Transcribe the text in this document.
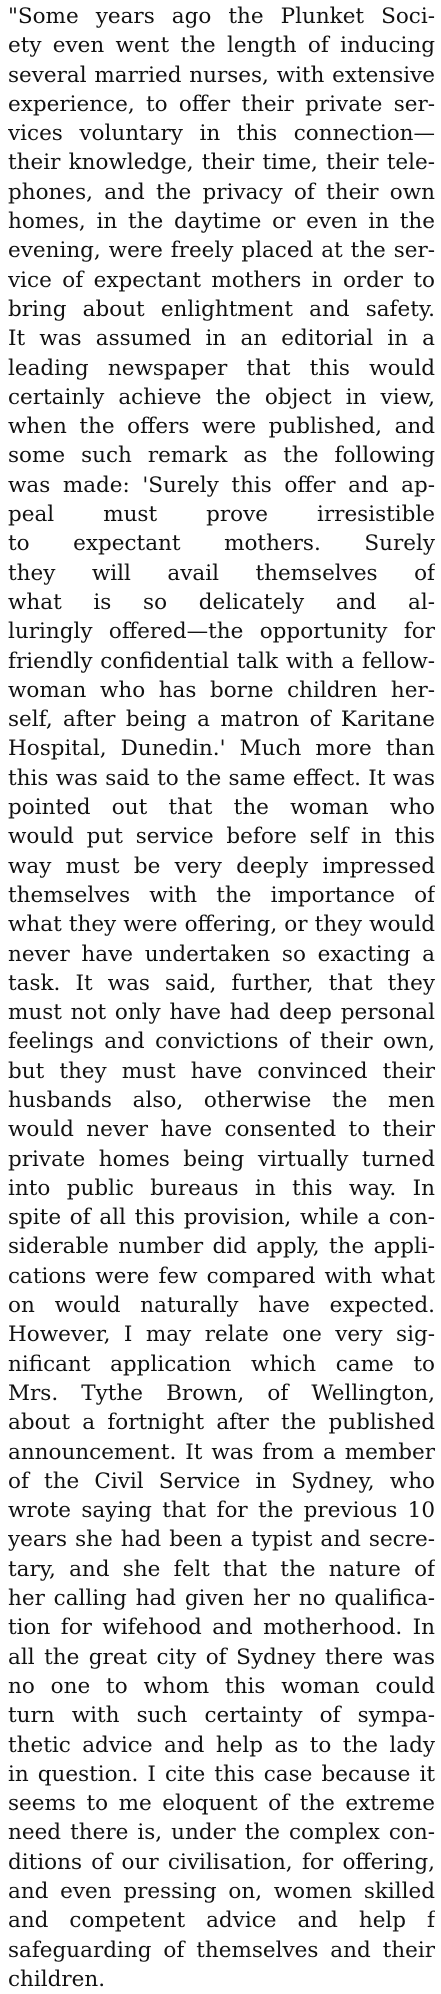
"Some years ago the Plunket Soci-
ety even went the length of inducing
several married nurses, with extensive
experience, to offer their private ser-
vices voluntary in this connection—
their knowledge, their time, their tele-
phones, and the privacy of their own
homes, in the daytime or even in the
evening, were freely placed at the ser-
vice of expectant mothers in order to
bring about enlightment and safety.
It was assumed in an editorial in a
leading newspaper that this would
certainly achieve the object in view,
when the offers were published, and
some such remark as the following
was made: 'Surely this offer and ap-
peal must prove irresistible
to expectant mothers. Surely
they will avail themselves of
what is so delicately and al-
luringly offered—the opportunity for
friendly confidential talk with a fellow-
woman who has borne children her-
self, after being a matron of Karitane
Hospital, Dunedin.' Much more than
this was said to the same effect. It was
pointed out that the woman who
would put service before self in this
way must be very deeply impressed
themselves with the importance of
what they were offering, or they would
never have undertaken so exacting a
task. It was said, further, that they
must not only have had deep personal
feelings and convictions of their own,
but they must have convinced their
husbands also, otherwise the men
would never have consented to their
private homes being virtually turned
into public bureaus in this way. In
spite of all this provision, while a con-
siderable number did apply, the appli-
cations were few compared with what
on would naturally have expected.
However, I may relate one very sig-
nificant application which came to
Mrs. Tythe Brown, of Wellington,
about a fortnight after the published
announcement. It was from a member
of the Civil Service in Sydney, who
wrote saying that for the previous 10
years she had been a typist and secre-
tary, and she felt that the nature of
her calling had given her no qualifica-
tion for wifehood and motherhood. In
all the great city of Sydney there was
no one to whom this woman could
turn with such certainty of sympa-
thetic advice and help as to the lady
in question. I cite this case because it
seems to me eloquent of the extreme
need there is, under the complex con-
ditions of our civilisation, for offering,
and even pressing on, women skilled
and competent advice and help f
safeguarding of themselves and their
children.
